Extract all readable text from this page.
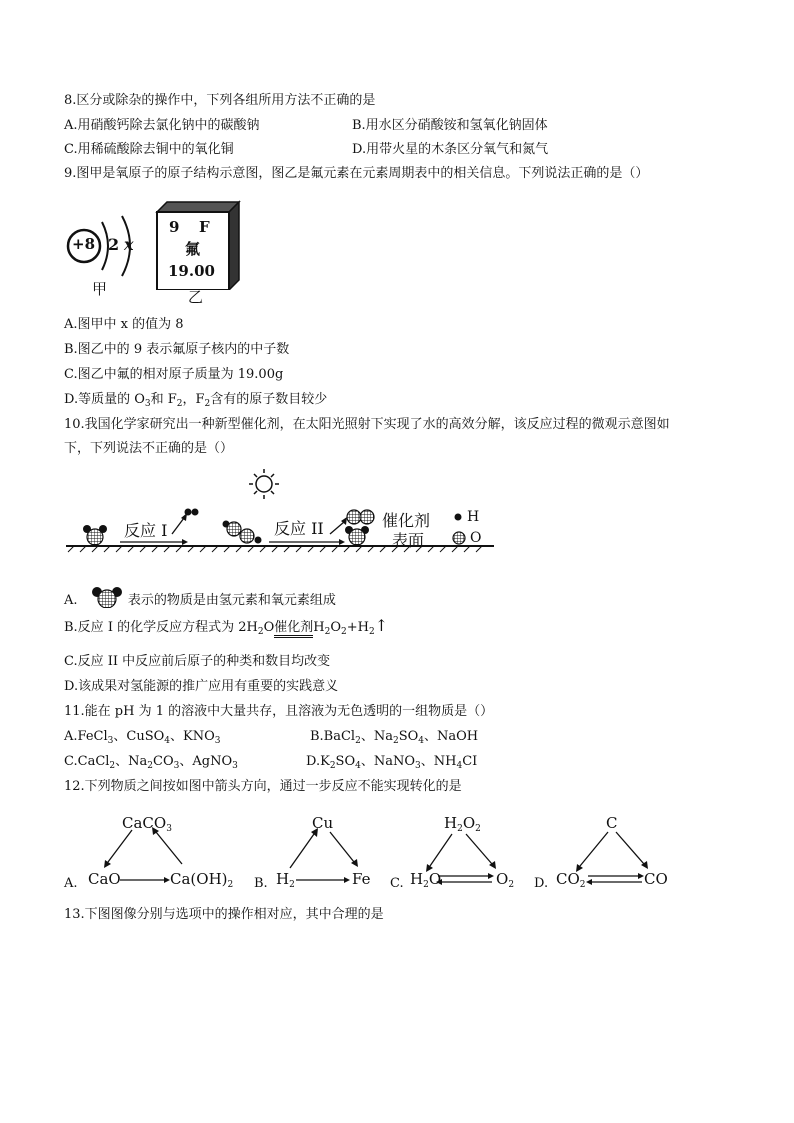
8.区分或除杂的操作中，下列各组所用方法不正确的是
A.用硝酸钙除去氯化钠中的碳酸钠	B.用水区分硝酸铵和氢氧化钠固体
C.用稀硫酸除去铜中的氧化铜	D.用带火星的木条区分氧气和氮气
9.图甲是氧原子的原子结构示意图，图乙是氟元素在元素周期表中的相关信息。下列说法正确的是（）
+8 2 x
甲
9 F
氟
19.00
乙
A.图甲中 x 的值为 8
B.图乙中的 9 表示氟原子核内的中子数
C.图乙中氟的相对原子质量为 19.00g
D.等质量的 $O_3$和 $F_2$，$F_2$含有的原子数目较少
10.我国化学家研究出一种新型催化剂，在太阳光照射下实现了水的高效分解，该反应过程的微观示意图如
下，下列说法不正确的是（）
反应 I	反应 II	催化剂
表面
H
O
A.	表示的物质是由氢元素和氧元素组成
B.反应 I 的化学反应方程式为 $2H_2O$催化剂$H_2O_2+H_2↑$
C.反应 II 中反应前后原子的种类和数目均改变
D.该成果对氢能源的推广应用有重要的实践意义
11.能在 pH 为 1 的溶液中大量共存，且溶液为无色透明的一组物质是（）
A.FeCl$_3$、CuSO$_4$、$KNO_3$	B.BaCl$_2$、$Na_2SO_4$、NaOH
C.CaCl$_2$、$Na_2CO_3$、AgNO$_3$	$D.K_2SO_4$、NaNO$_3$、$NH_4CI$
12.下列物质之间按如图中箭头方向，通过一步反应不能实现转化的是
A.
CaCO$_3$
CaO	$Ca(OH)_2$ B.
Cu
$H_2$	Fe C.
$H_2O_2$
$H_2O$	$O_2$ D.
C
$CO_2$	CO
13.下图图像分别与选项中的操作相对应，其中合理的是
